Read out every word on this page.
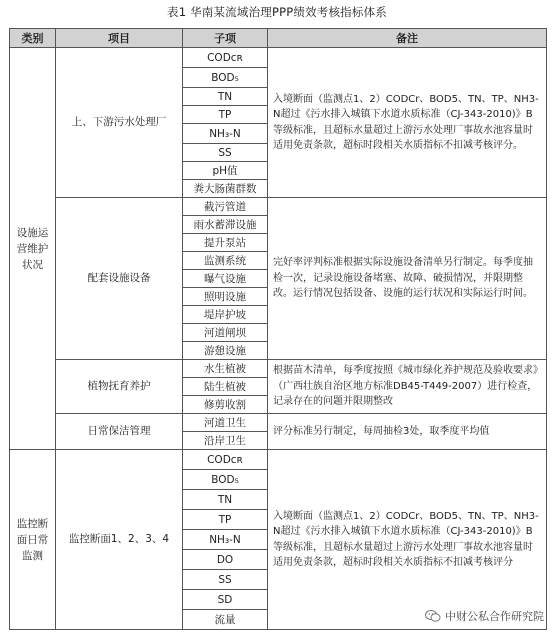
表1 华南某流域治理PPP绩效考核指标体系
类别	项目	子项	备注
设施运营维护状况	上、下游污水处理厂	CODᴄʀ	入境断面（监测点1、2）CODCr、BOD5、TN、TP、NH3-N超过《污水排入城镇下水道水质标准（CJ-343-2010)》B等级标准，且超标水量超过上游污水处理厂事故水池容量时适用免责条款，超标时段相关水质指标不扣减考核评分。
		BOD₅	
		TN	
		TP	
		NH₃-N	
		SS	
		pH值	
		粪大肠菌群数	
	配套设施设备	截污管道	完好率评判标准根据实际设施设备清单另行制定。每季度抽检一次，记录设施设备堵塞、故障、破损情况，并限期整改。运行情况包括设备、设施的运行状况和实际运行时间。
		雨水蓄滞设施	
		提升泵站	
		监测系统	
		曝气设施	
		照明设施	
		堤岸护坡	
		河道闸坝	
		游憩设施	
	植物抚育养护	水生植被	根据苗木清单，每季度按照《城市绿化养护规范及验收要求》（广西壮族自治区地方标准DB45-T449-2007）进行检查，记录存在的问题并限期整改
		陆生植被	
		修剪收割	
	日常保洁管理	河道卫生	评分标准另行制定，每周抽检3处，取季度平均值
		沿岸卫生	
监控断面日常监测	监控断面1、2、3、4	CODᴄʀ	入境断面（监测点1、2）CODCr、BOD5、TN、TP、NH3-N超过《污水排入城镇下水道水质标准（CJ-343-2010)》B等级标准，且超标水量超过上游污水处理厂事故水池容量时适用免责条款，超标时段相关水质指标不扣减考核评分
		BOD₅	
		TN	
		TP	
		NH₃-N	
		DO	
		SS	
		SD	
		流量		中财公私合作研究院
